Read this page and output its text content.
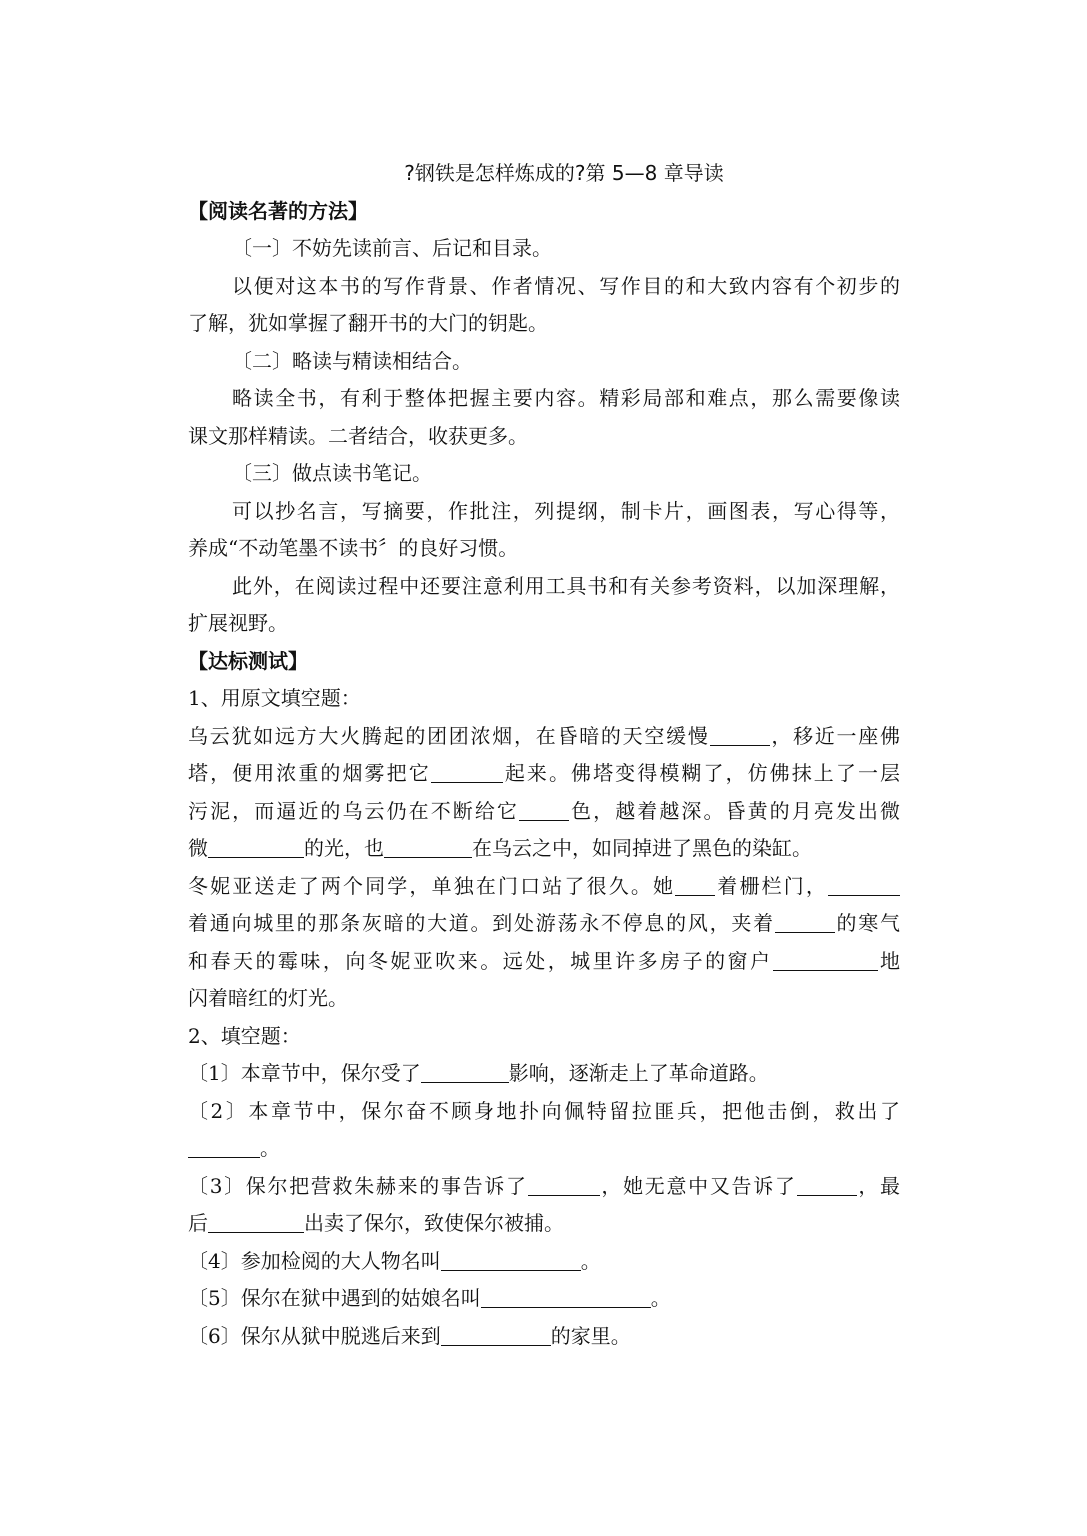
?钢铁是怎样炼成的?第 5—8 章导读
【阅读名著的方法】
〔一〕不妨先读前言、后记和目录。
以便对这本书的写作背景、作者情况、写作目的和大致内容有个初步的
了解，犹如掌握了翻开书的大门的钥匙。
〔二〕略读与精读相结合。
略读全书，有利于整体把握主要内容。精彩局部和难点，那么需要像读
课文那样精读。二者结合，收获更多。
〔三〕做点读书笔记。
可以抄名言，写摘要，作批注，列提纲，制卡片，画图表，写心得等，
养成“不动笔墨不读书〞的良好习惯。
此外，在阅读过程中还要注意利用工具书和有关参考资料，以加深理解，
扩展视野。
【达标测试】
1、用原文填空题：
乌云犹如远方大火腾起的团团浓烟，在昏暗的天空缓慢	，移近一座佛
塔，便用浓重的烟雾把它	起来。佛塔变得模糊了，仿佛抹上了一层
污泥，而逼近的乌云仍在不断给它	色，越着越深。昏黄的月亮发出微
微	的光，也	在乌云之中，如同掉进了黑色的染缸。
冬妮亚送走了两个同学，单独在门口站了很久。她 着栅栏门，
着通向城里的那条灰暗的大道。到处游荡永不停息的风，夹着	的寒气
和春天的霉味，向冬妮亚吹来。远处，城里许多房子的窗户	地
闪着暗红的灯光。
2、填空题：
〔1〕本章节中，保尔受了	影响，逐渐走上了革命道路。
〔2〕本章节中，保尔奋不顾身地扑向佩特留拉匪兵，把他击倒，救出了
。
〔3〕保尔把营救朱赫来的事告诉了	，她无意中又告诉了	，最
后	出卖了保尔，致使保尔被捕。
〔4〕参加检阅的大人物名叫	。
〔5〕保尔在狱中遇到的姑娘名叫	。
〔6〕保尔从狱中脱逃后来到	的家里。
